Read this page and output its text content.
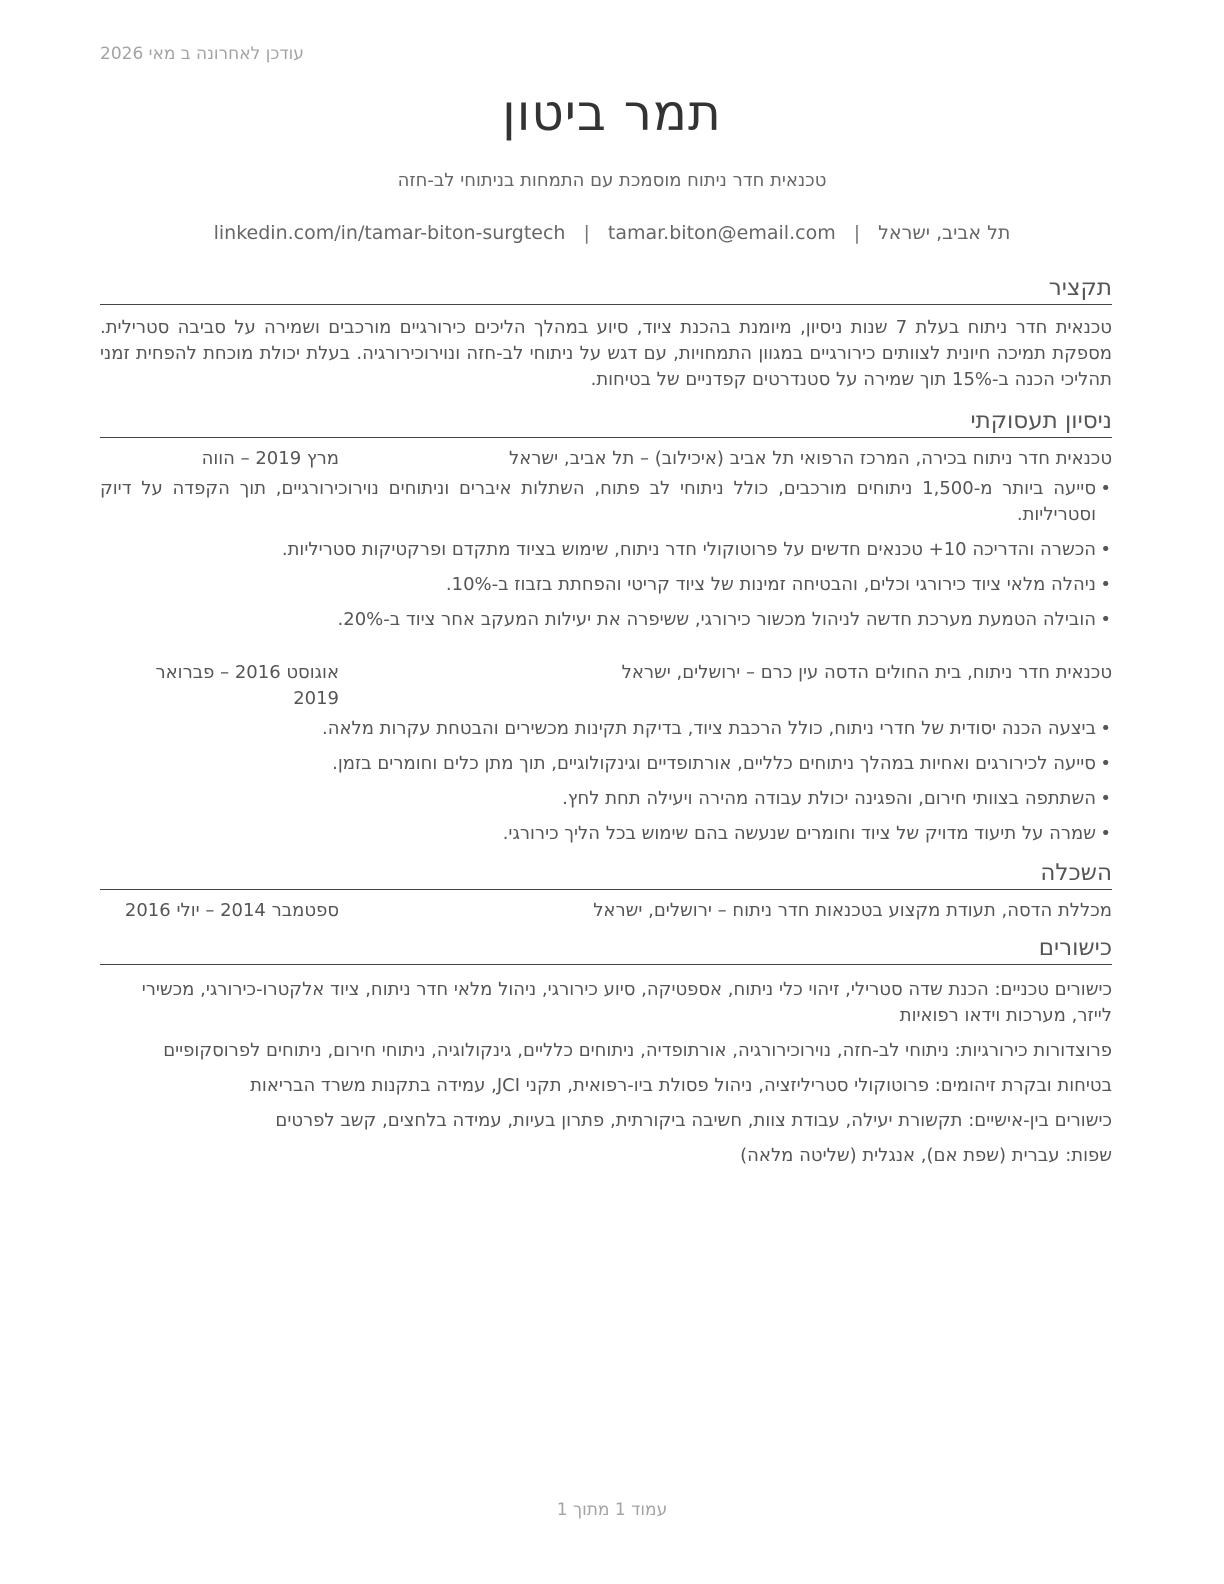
עודכן לאחרונה ב מאי 2026
תמר ביטון
טכנאית חדר ניתוח מוסמכת עם התמחות בניתוחי לב-חזה
תל אביב, ישראל|tamar.biton@email.com|linkedin.com/in/tamar-biton-surgtech
תקציר
טכנאית חדר ניתוח בעלת 7 שנות ניסיון, מיומנת בהכנת ציוד, סיוע במהלך הליכים כירורגיים מורכבים ושמירה על סביבה סטרילית. מספקת תמיכה חיונית לצוותים כירורגיים במגוון התמחויות, עם דגש על ניתוחי לב-חזה ונוירוכירורגיה. בעלת יכולת מוכחת להפחית זמני תהליכי הכנה ב-15% תוך שמירה על סטנדרטים קפדניים של בטיחות.
ניסיון תעסוקתי
טכנאית חדר ניתוח בכירה, המרכז הרפואי תל אביב (איכילוב) – תל אביב, ישראל
מרץ 2019 – הווה
•
סייעה ביותר מ-1,500 ניתוחים מורכבים, כולל ניתוחי לב פתוח, השתלות איברים וניתוחים נוירוכירורגיים, תוך הקפדה על דיוק וסטריליות.
•
הכשרה והדריכה 10+ טכנאים חדשים על פרוטוקולי חדר ניתוח, שימוש בציוד מתקדם ופרקטיקות סטריליות.
•
ניהלה מלאי ציוד כירורגי וכלים, והבטיחה זמינות של ציוד קריטי והפחתת בזבוז ב-10%.
•
הובילה הטמעת מערכת חדשה לניהול מכשור כירורגי, ששיפרה את יעילות המעקב אחר ציוד ב-20%.
טכנאית חדר ניתוח, בית החולים הדסה עין כרם – ירושלים, ישראל
אוגוסט 2016 – פברואר 2019
•
ביצעה הכנה יסודית של חדרי ניתוח, כולל הרכבת ציוד, בדיקת תקינות מכשירים והבטחת עקרות מלאה.
•
סייעה לכירורגים ואחיות במהלך ניתוחים כלליים, אורתופדיים וגינקולוגיים, תוך מתן כלים וחומרים בזמן.
•
השתתפה בצוותי חירום, והפגינה יכולת עבודה מהירה ויעילה תחת לחץ.
•
שמרה על תיעוד מדויק של ציוד וחומרים שנעשה בהם שימוש בכל הליך כירורגי.
השכלה
מכללת הדסה, תעודת מקצוע בטכנאות חדר ניתוח – ירושלים, ישראל
ספטמבר 2014 – יולי 2016
כישורים

כישורים טכניים: הכנת שדה סטרילי, זיהוי כלי ניתוח, אספטיקה, סיוע כירורגי, ניהול מלאי חדר ניתוח, ציוד אלקטרו-כירורגי, מכשירי לייזר, מערכות וידאו רפואיות

פרוצדורות כירורגיות: ניתוחי לב-חזה, נוירוכירורגיה, אורתופדיה, ניתוחים כלליים, גינקולוגיה, ניתוחי חירום, ניתוחים לפרוסקופיים

בטיחות ובקרת זיהומים: פרוטוקולי סטריליזציה, ניהול פסולת ביו-רפואית, תקני JCI, עמידה בתקנות משרד הבריאות

כישורים בין-אישיים: תקשורת יעילה, עבודת צוות, חשיבה ביקורתית, פתרון בעיות, עמידה בלחצים, קשב לפרטים

שפות: עברית (שפת אם), אנגלית (שליטה מלאה)

עמוד 1 מתוך 1
